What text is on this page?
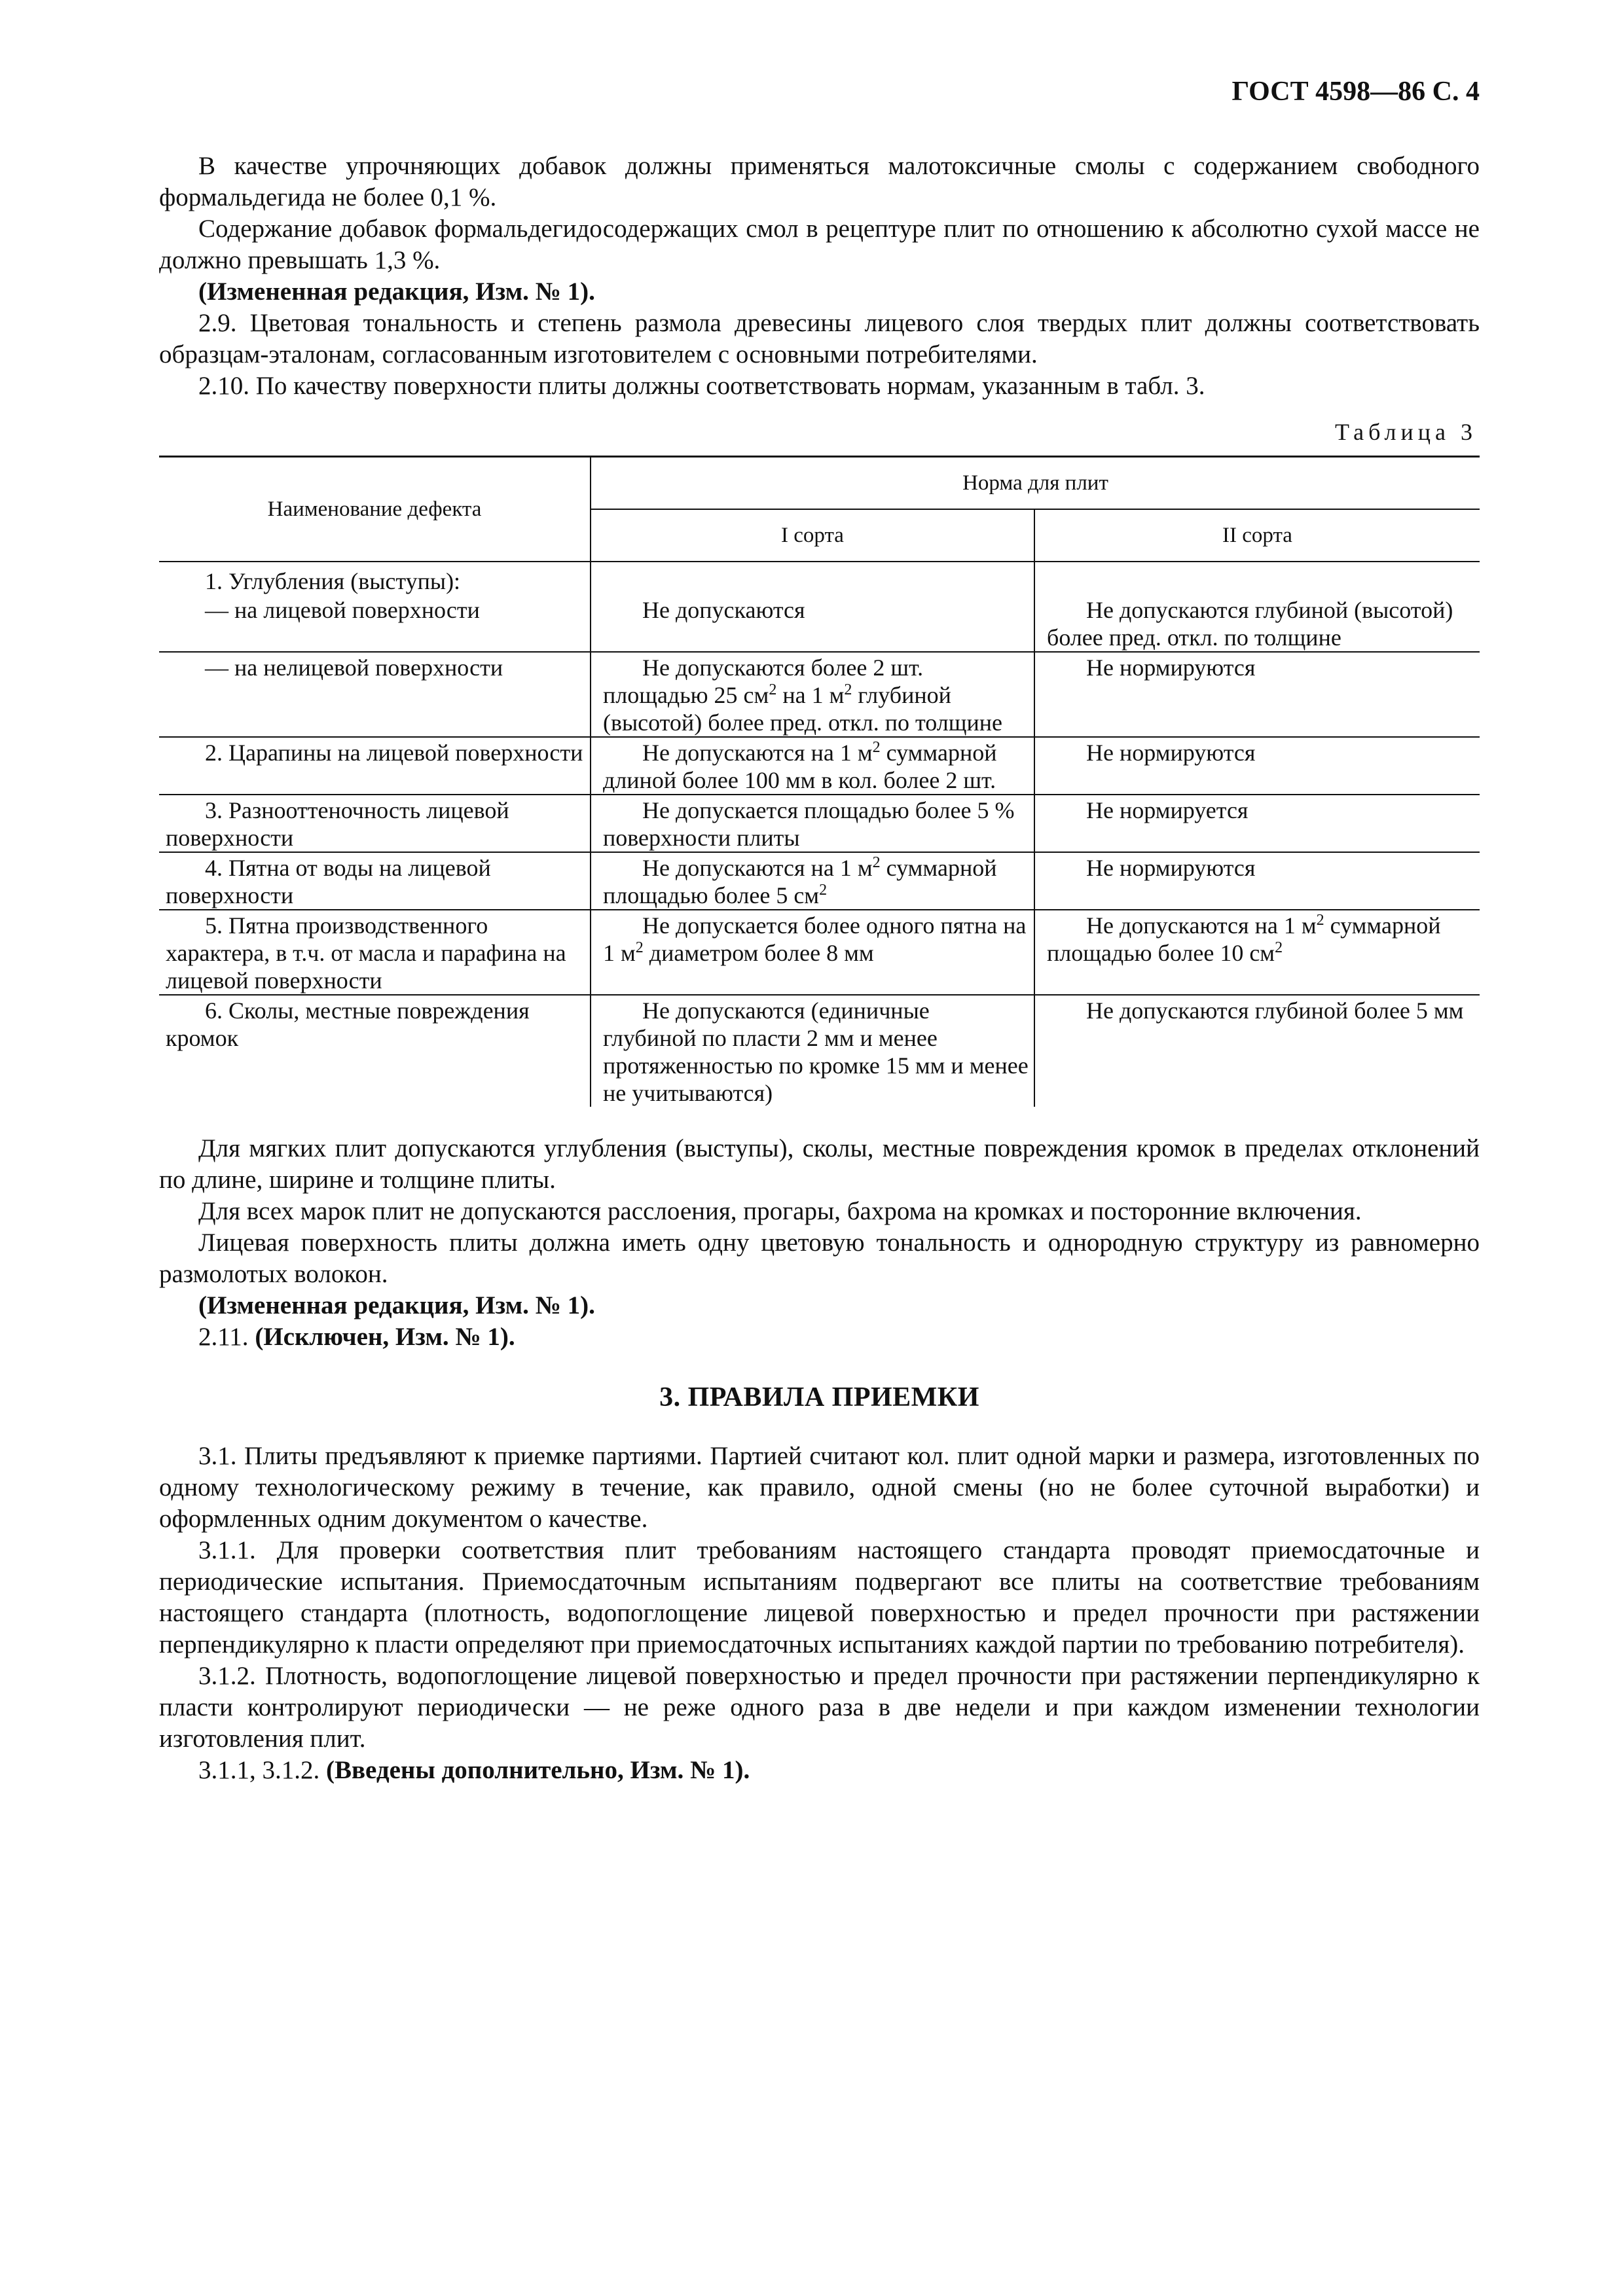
ГОСТ 4598—86 С. 4

В качестве упрочняющих добавок должны применяться малотоксичные смолы с содержанием свободного формальдегида не более 0,1 %.

Содержание добавок формальдегидосодержащих смол в рецептуре плит по отношению к абсолютно сухой массе не должно превышать 1,3 %.

(Измененная редакция, Изм. № 1).

2.9. Цветовая тональность и степень размола древесины лицевого слоя твердых плит должны соответствовать образцам-эталонам, согласованным изготовителем с основными потребителями.

2.10. По качеству поверхности плиты должны соответствовать нормам, указанным в табл. 3.

Таблица 3
Наименование дефекта	Норма для плит	
	I сорта	II сорта

1. Углубления (выступы):		

— на лицевой поверхности	Не допускаются	Не допускаются глубиной (высотой) более пред. откл. по толщине

— на нелицевой поверхности	Не допускаются более 2 шт. площадью 25 $см^2$ на 1 $м^2$ глубиной (высотой) более пред. откл. по толщине	Не нормируются

2. Царапины на лицевой поверхности	Не допускаются на 1 $м^2$ суммарной длиной более 100 мм в кол. более 2 шт.	Не нормируются

3. Разнооттеночность лицевой поверхности	Не допускается площадью более 5 % поверхности плиты	Не нормируется

4. Пятна от воды на лицевой поверхности	Не допускаются на 1 $м^2$ суммарной площадью более 5 $см^2$	Не нормируются

5. Пятна производственного характера, в т.ч. от масла и парафина на лицевой поверхности	Не допускается более одного пятна на 1 $м^2$ диаметром более 8 мм	Не допускаются на 1 $м^2$ суммарной площадью более 10 $см^2$

6. Сколы, местные повреждения кромок	Не допускаются (единичные глубиной по пласти 2 мм и менее протяженностью по кромке 15 мм и менее не учитываются)	Не допускаются глубиной более 5 мм

Для мягких плит допускаются углубления (выступы), сколы, местные повреждения кромок в пределах отклонений по длине, ширине и толщине плиты.

Для всех марок плит не допускаются расслоения, прогары, бахрома на кромках и посторонние включения.

Лицевая поверхность плиты должна иметь одну цветовую тональность и однородную структуру из равномерно размолотых волокон.

(Измененная редакция, Изм. № 1).

2.11. (Исключен, Изм. № 1).

3. ПРАВИЛА ПРИЕМКИ

3.1. Плиты предъявляют к приемке партиями. Партией считают кол. плит одной марки и размера, изготовленных по одному технологическому режиму в течение, как правило, одной смены (но не более суточной выработки) и оформленных одним документом о качестве.

3.1.1. Для проверки соответствия плит требованиям настоящего стандарта проводят приемосдаточные и периодические испытания. Приемосдаточным испытаниям подвергают все плиты на соответствие требованиям настоящего стандарта (плотность, водопоглощение лицевой поверхностью и предел прочности при растяжении перпендикулярно к пласти определяют при приемосдаточных испытаниях каждой партии по требованию потребителя).

3.1.2. Плотность, водопоглощение лицевой поверхностью и предел прочности при растяжении перпендикулярно к пласти контролируют периодически — не реже одного раза в две недели и при каждом изменении технологии изготовления плит.

3.1.1, 3.1.2. (Введены дополнительно, Изм. № 1).
